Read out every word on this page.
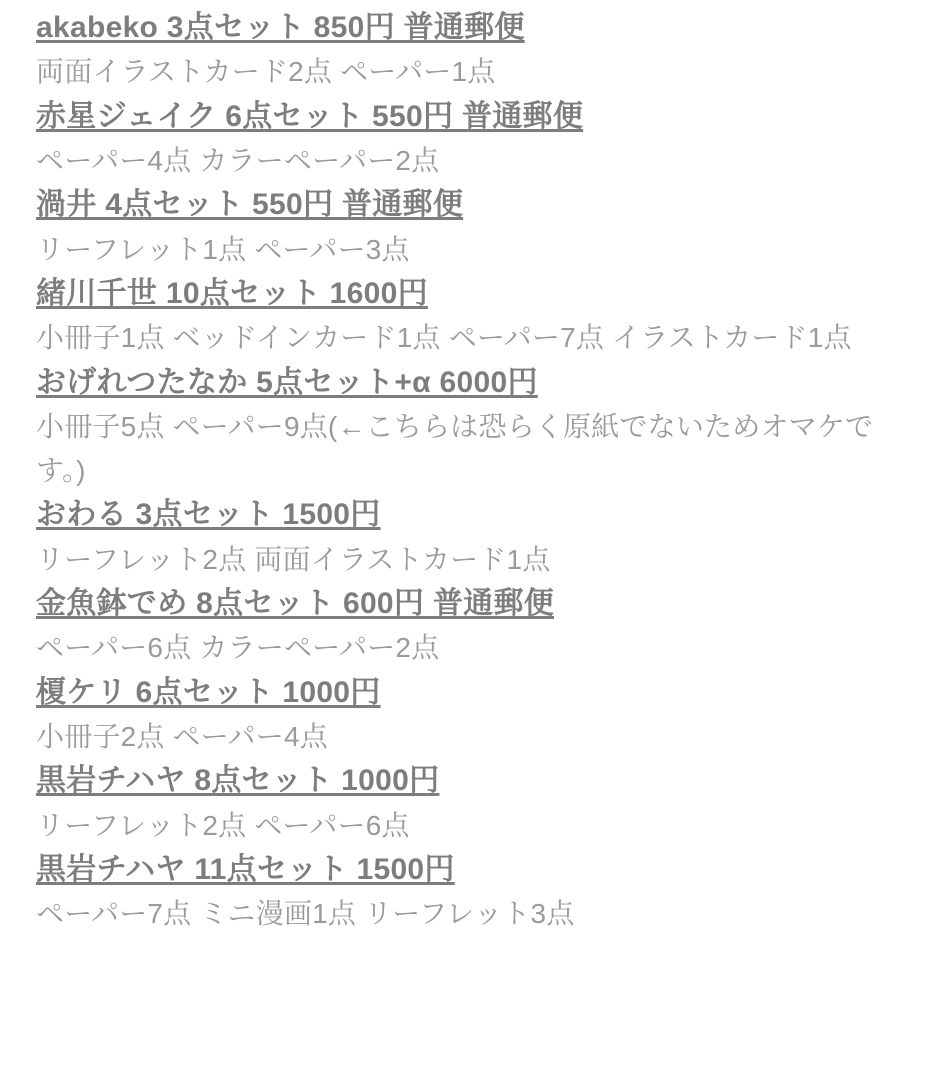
akabeko 3点セット 850円 普通郵便
両面イラストカード2点 ペーパー1点
赤星ジェイク 6点セット 550円 普通郵便
ペーパー4点 カラーペーパー2点
渦井 4点セット 550円 普通郵便
リーフレット1点 ペーパー3点
緒川千世 10点セット 1600円
小冊子1点 ベッドインカード1点 ペーパー7点 イラストカード1点
おげれつたなか 5点セット+α 6000円
小冊子5点 ペーパー9点(←こちらは恐らく原紙でないためオマケです。)
おわる 3点セット 1500円
リーフレット2点 両面イラストカード1点
金魚鉢でめ 8点セット 600円 普通郵便
ペーパー6点 カラーペーパー2点
榎ケリ 6点セット 1000円
小冊子2点 ペーパー4点
黒岩チハヤ 8点セット 1000円
リーフレット2点 ペーパー6点
黒岩チハヤ 11点セット 1500円
ペーパー7点 ミニ漫画1点 リーフレット3点
